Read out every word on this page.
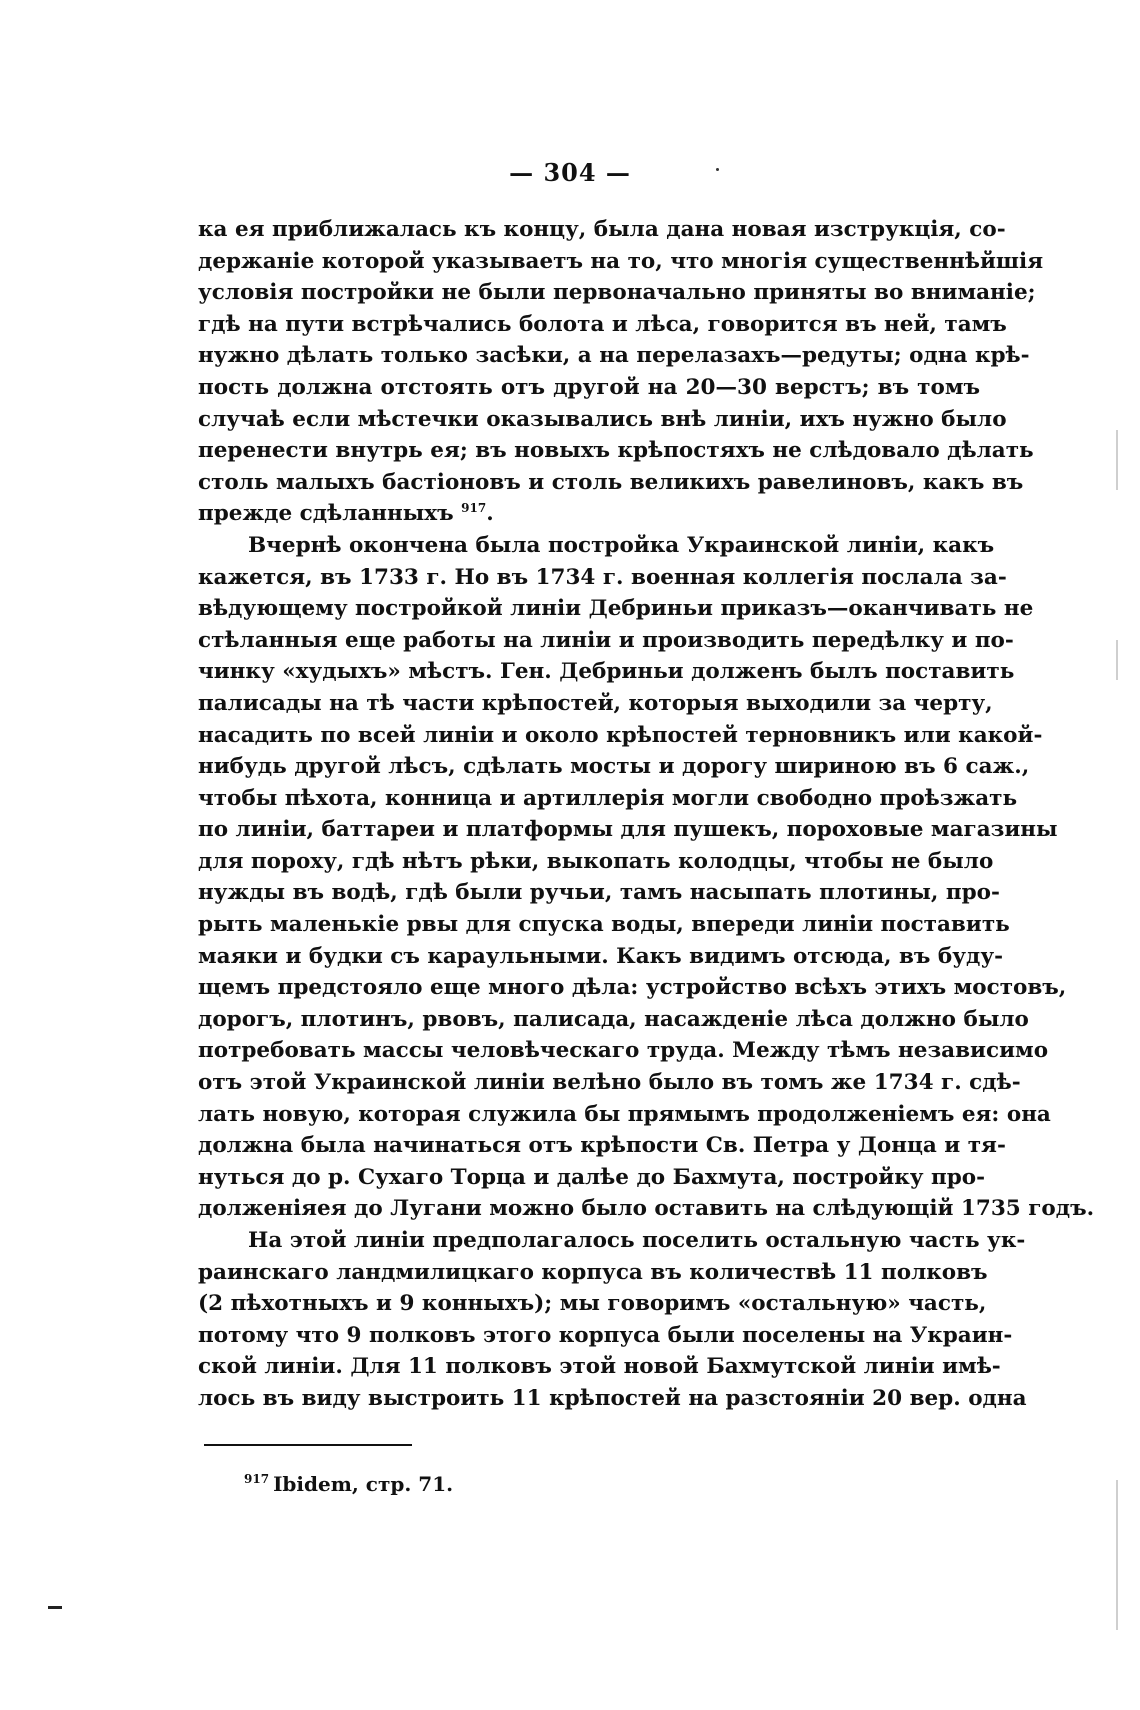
— 304 —
ка ея приближалась къ концу, была дана новая изструкція, со-
держаніе которой указываетъ на то, что многія существеннѣйшія
условія постройки не были первоначально приняты во вниманіе;
гдѣ на пути встрѣчались болота и лѣса, говорится въ ней, тамъ
нужно дѣлать только засѣки, а на перелазахъ—редуты; одна крѣ-
пость должна отстоять отъ другой на 20—30 верстъ; въ томъ
случаѣ если мѣстечки оказывались внѣ линіи, ихъ нужно было
перенести внутрь ея; въ новыхъ крѣпостяхъ не слѣдовало дѣлать
столь малыхъ бастіоновъ и столь великихъ равелиновъ, какъ въ
прежде сдѣланныхъ $^{917}$.
Вчернѣ окончена была постройка Украинской линіи, какъ
кажется, въ 1733 г. Но въ 1734 г. военная коллегія послала за-
вѣдующему постройкой линіи Дебриньи приказъ—оканчивать не
стѣланныя еще работы на линіи и производить передѣлку и по-
чинку «худыхъ» мѣстъ. Ген. Дебриньи долженъ былъ поставить
палисады на тѣ части крѣпостей, которыя выходили за черту,
насадить по всей линіи и около крѣпостей терновникъ или какой-
нибудь другой лѣсъ, сдѣлать мосты и дорогу шириною въ 6 саж.,
чтобы пѣхота, конница и артиллерія могли свободно проѣзжать
по линіи, баттареи и платформы для пушекъ, пороховые магазины
для пороху, гдѣ нѣтъ рѣки, выкопать колодцы, чтобы не было
нужды въ водѣ, гдѣ были ручьи, тамъ насыпать плотины, про-
рыть маленькіе рвы для спуска воды, впереди линіи поставить
маяки и будки съ караульными. Какъ видимъ отсюда, въ буду-
щемъ предстояло еще много дѣла: устройство всѣхъ этихъ мостовъ,
дорогъ, плотинъ, рвовъ, палисада, насажденіе лѣса должно было
потребовать массы человѣческаго труда. Между тѣмъ независимо
отъ этой Украинской линіи велѣно было въ томъ же 1734 г. сдѣ-
лать новую, которая служила бы прямымъ продолженіемъ ея: она
должна была начинаться отъ крѣпости Св. Петра у Донца и тя-
нуться до р. Сухаго Торца и далѣе до Бахмута, постройку про-
долженіяея до Лугани можно было оставить на слѣдующій 1735 годъ.
На этой линіи предполагалось поселить остальную часть ук-
раинскаго ландмилицкаго корпуса въ количествѣ 11 полковъ
(2 пѣхотныхъ и 9 конныхъ); мы говоримъ «остальную» часть,
потому что 9 полковъ этого корпуса были поселены на Украин-
ской линіи. Для 11 полковъ этой новой Бахмутской линіи имѣ-
лось въ виду выстроить 11 крѣпостей на разстояніи 20 вер. одна
$^{917}$ Ibidem, стр. 71.
